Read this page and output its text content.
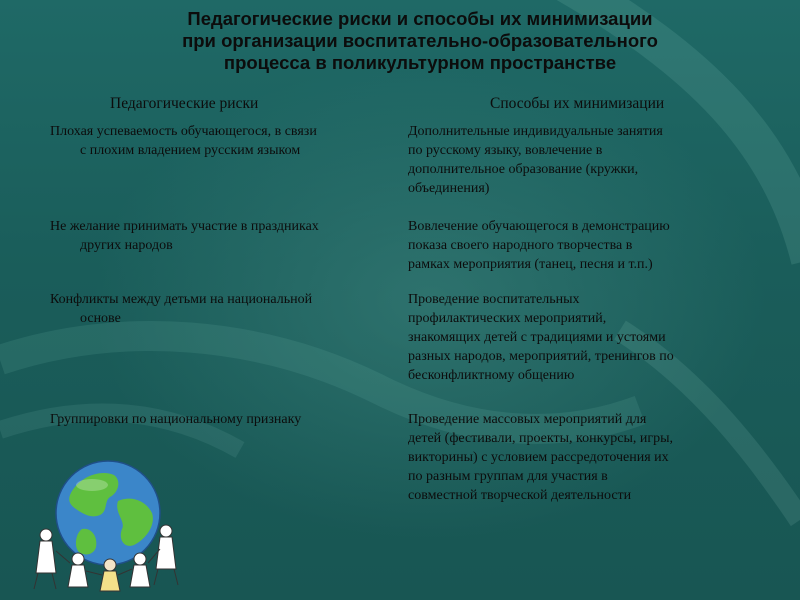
Педагогические риски и способы их минимизации
при организации воспитательно-образовательного
процесса в поликультурном пространстве
Педагогические риски	Способы их минимизации
Плохая успеваемость обучающегося, в связи
с плохим владением русским языком
Дополнительные индивидуальные занятия
по русскому языку, вовлечение в
дополнительное образование (кружки,
объединения)
Не желание принимать участие в праздниках
других народов
Вовлечение обучающегося в демонстрацию
показа своего народного творчества в
рамках мероприятия (танец, песня и т.п.)
Конфликты между детьми на национальной
основе
Проведение воспитательных
профилактических мероприятий,
знакомящих детей с традициями и устоями
разных народов, мероприятий, тренингов по
бесконфликтному общению
Группировки по национальному признаку	Проведение массовых мероприятий для
детей (фестивали, проекты, конкурсы, игры,
викторины) с условием рассредоточения их
по разным группам для участия в
совместной творческой деятельности
